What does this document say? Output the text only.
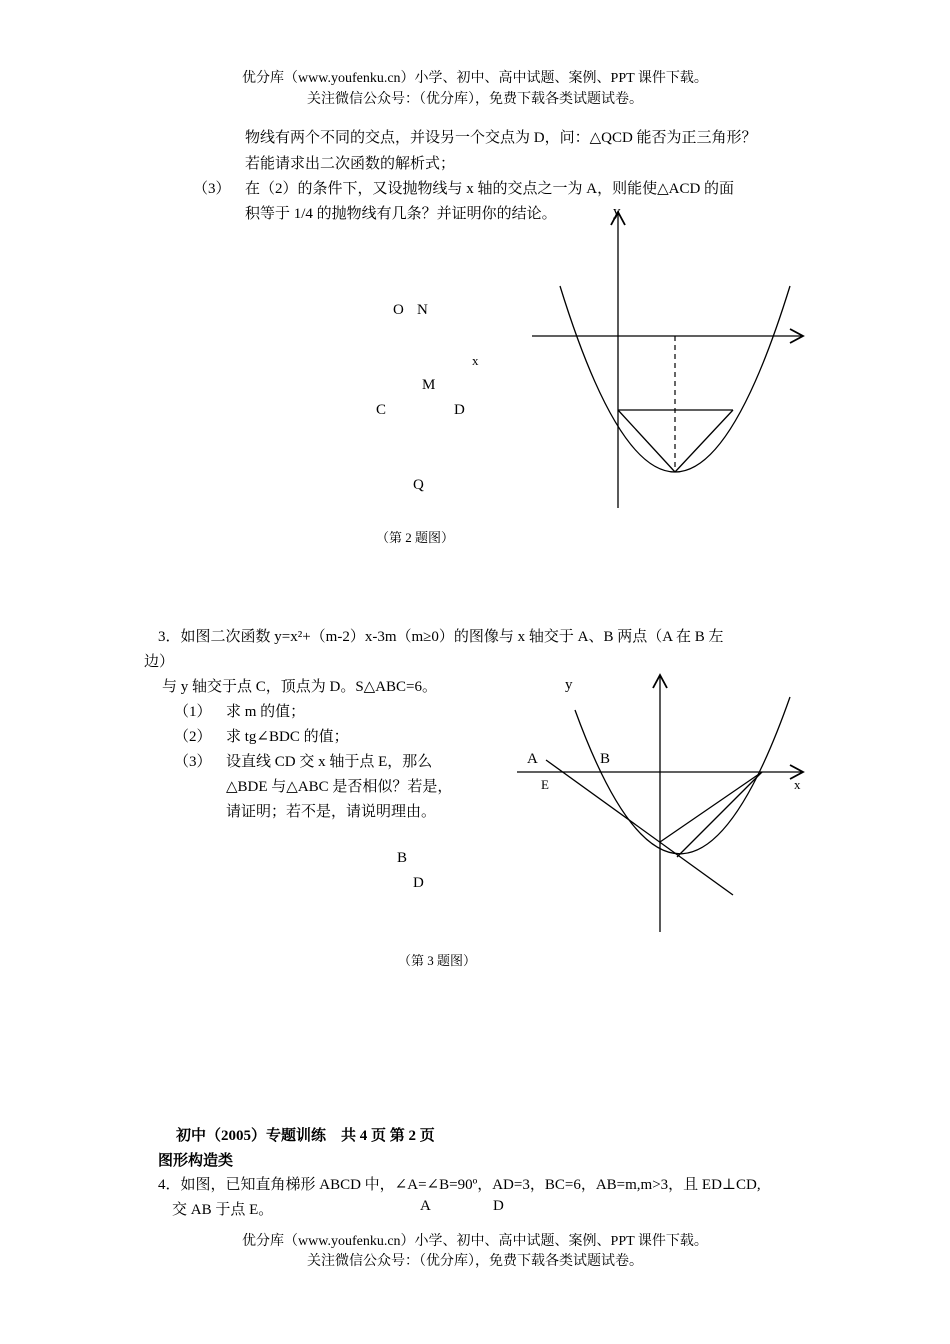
优分库（www.youfenku.cn）小学、初中、高中试题、案例、PPT 课件下载。
关注微信公众号：（优分库），免费下载各类试题试卷。
物线有两个不同的交点，并设另一个交点为 D，问：△QCD 能否为正三角形？
若能请求出二次函数的解析式；
（3） 在（2）的条件下，又设抛物线与 x 轴的交点之一为 A，则能使△ACD 的面
积等于 1/4 的抛物线有几条？并证明你的结论。	y
O N
x
M
C	D
Q
（第 2 题图）
3．如图二次函数 y=x²+（m-2）x-3m（m≥0）的图像与 x 轴交于 A、B 两点（A 在 B 左
边）
与 y 轴交于点 C，顶点为 D。S△ABC=6。
（1） 求 m 的值；
（2） 求 tg∠BDC 的值；
（3） 设直线 CD 交 x 轴于点 E，那么
△BDE 与△ABC 是否相似？若是，
请证明；若不是，请说明理由。
y
A	B
E	x
B
D
（第 3 题图）
初中（2005）专题训练　共 4 页 第 2 页
图形构造类
4．如图，已知直角梯形 ABCD 中，∠A=∠B=90º，AD=3，BC=6，AB=m,m>3，且 ED⊥CD,
交 AB 于点 E。	A	D
优分库（www.youfenku.cn）小学、初中、高中试题、案例、PPT 课件下载。
关注微信公众号：（优分库），免费下载各类试题试卷。
